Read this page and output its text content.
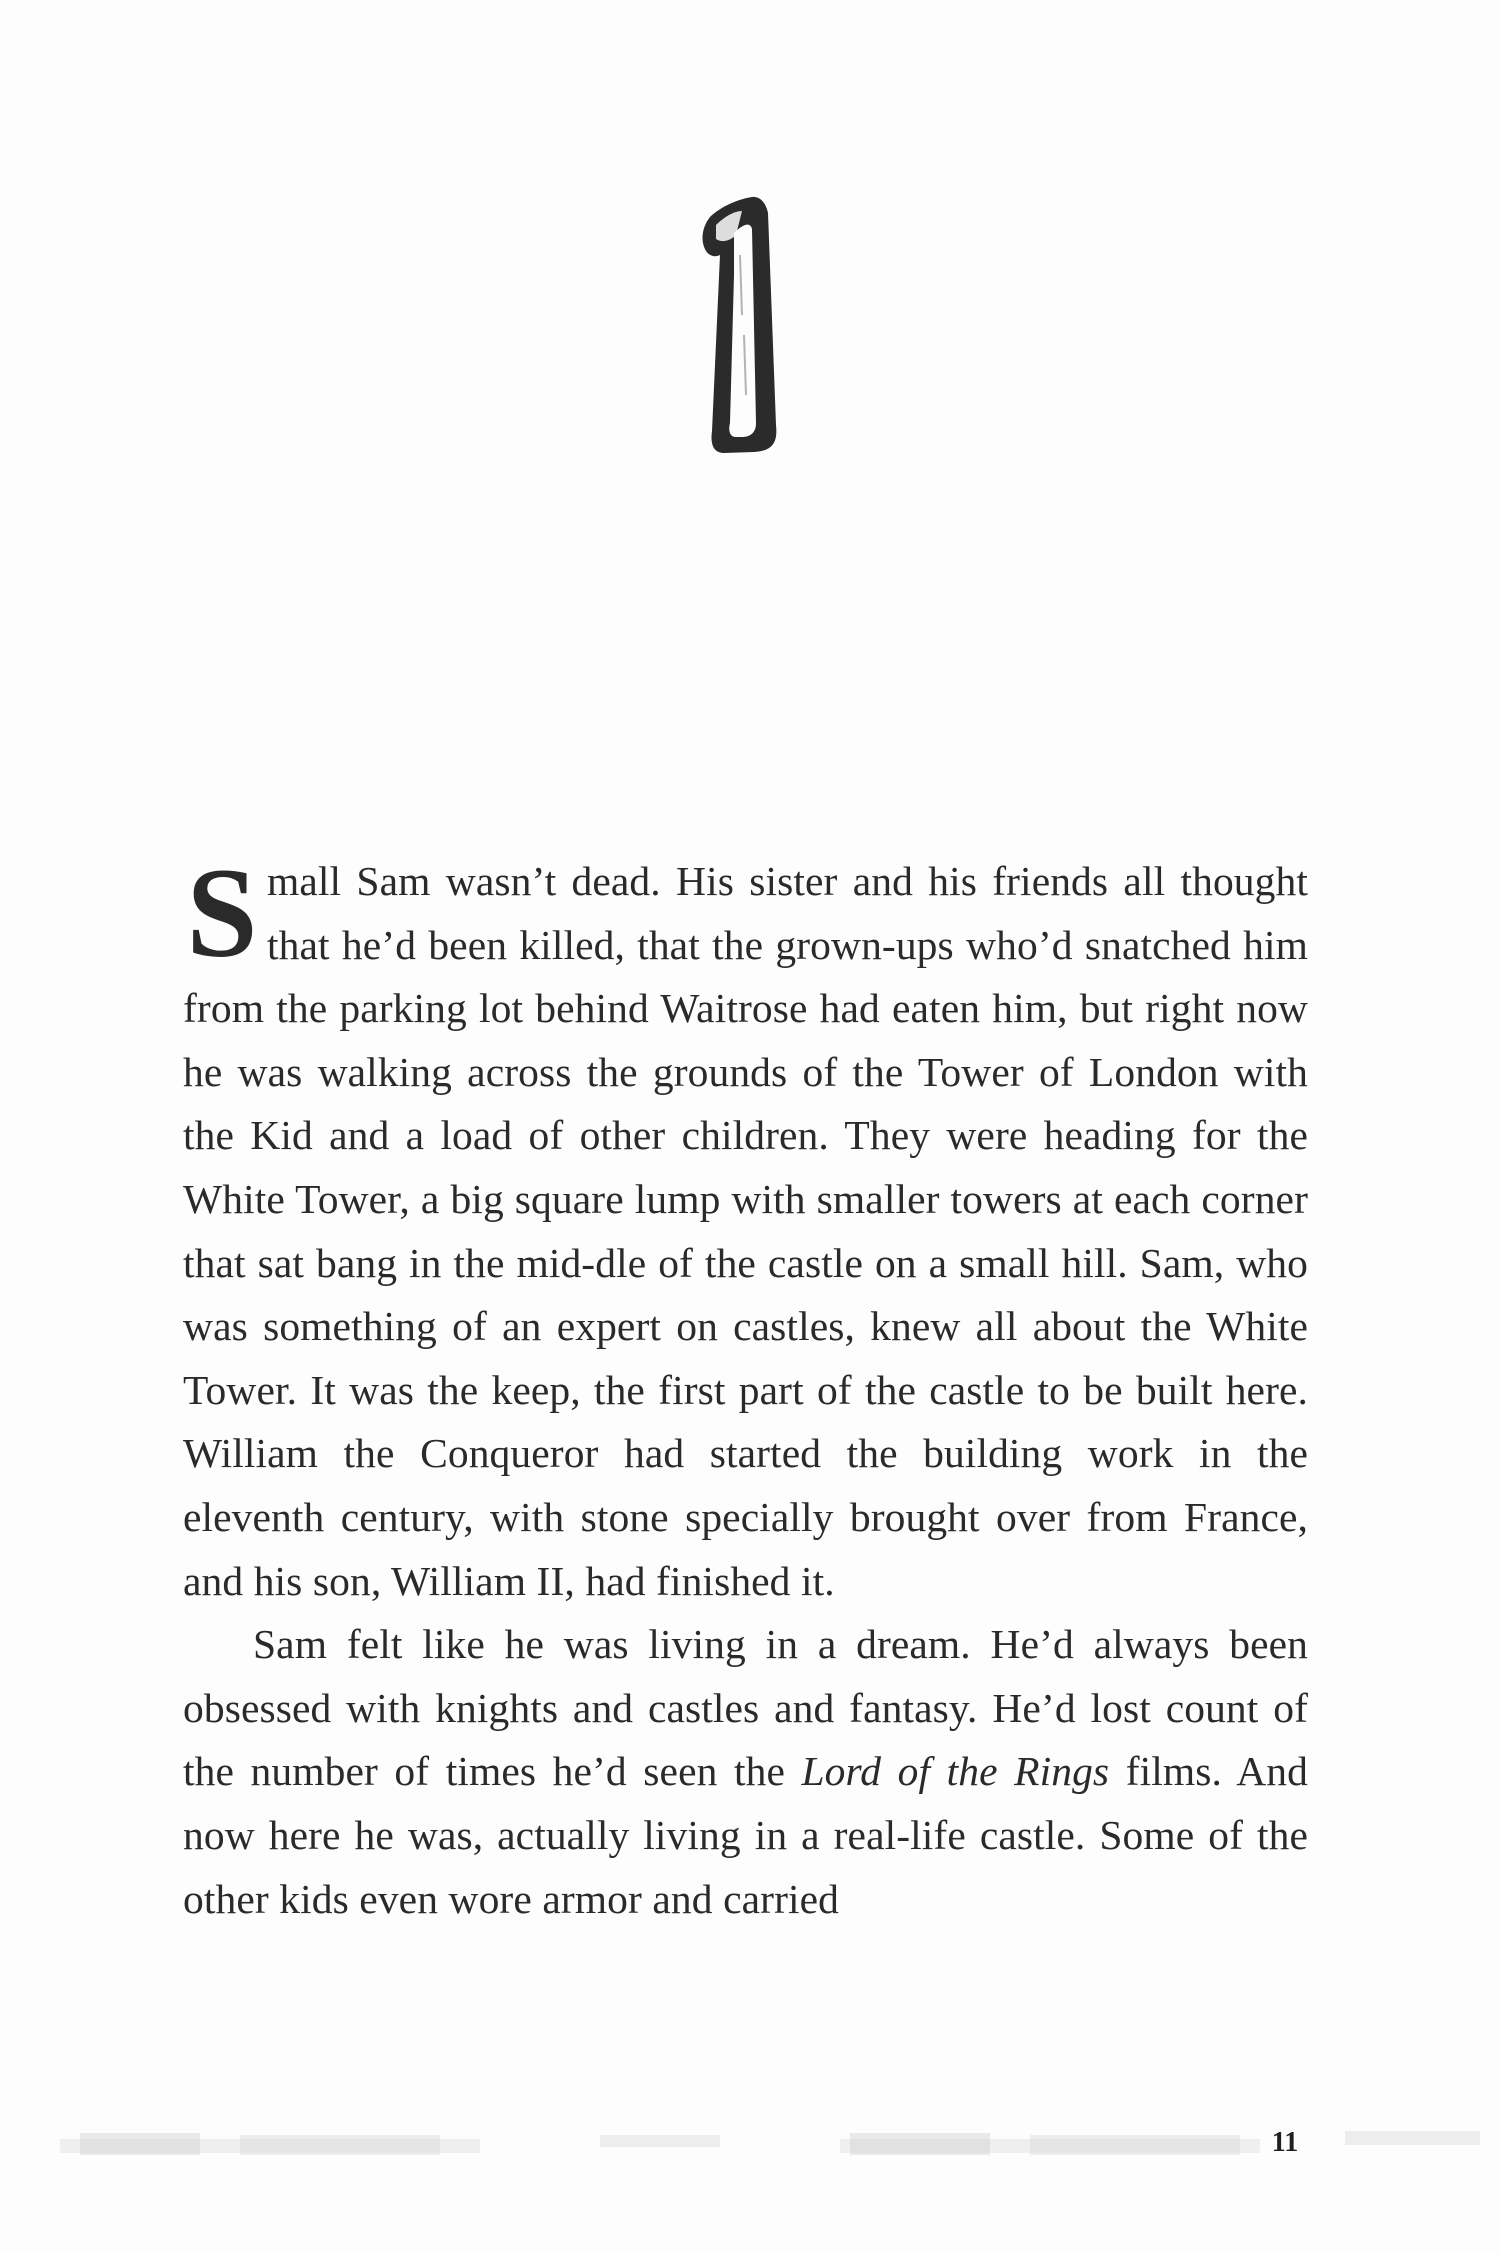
S mall Sam wasn’t dead. His sister and his friends all thought that he’d been killed, that the grown-ups who’d snatched him from the parking lot behind Waitrose had eaten him, but right now he was walking across the grounds of the Tower of London with the Kid and a load of other children. They were heading for the White Tower, a big square lump with smaller towers at each corner that sat bang in the mid-dle of the castle on a small hill. Sam, who was something of an expert on castles, knew all about the White Tower. It was the keep, the first part of the castle to be built here. William the Conqueror had started the building work in the eleventh century, with stone specially brought over from France, and his son, William II, had finished it.

Sam felt like he was living in a dream. He’d always been obsessed with knights and castles and fantasy. He’d lost count of the number of times he’d seen the Lord of the Rings films. And now here he was, actually living in a real-life castle. Some of the other kids even wore armor and carried

11
